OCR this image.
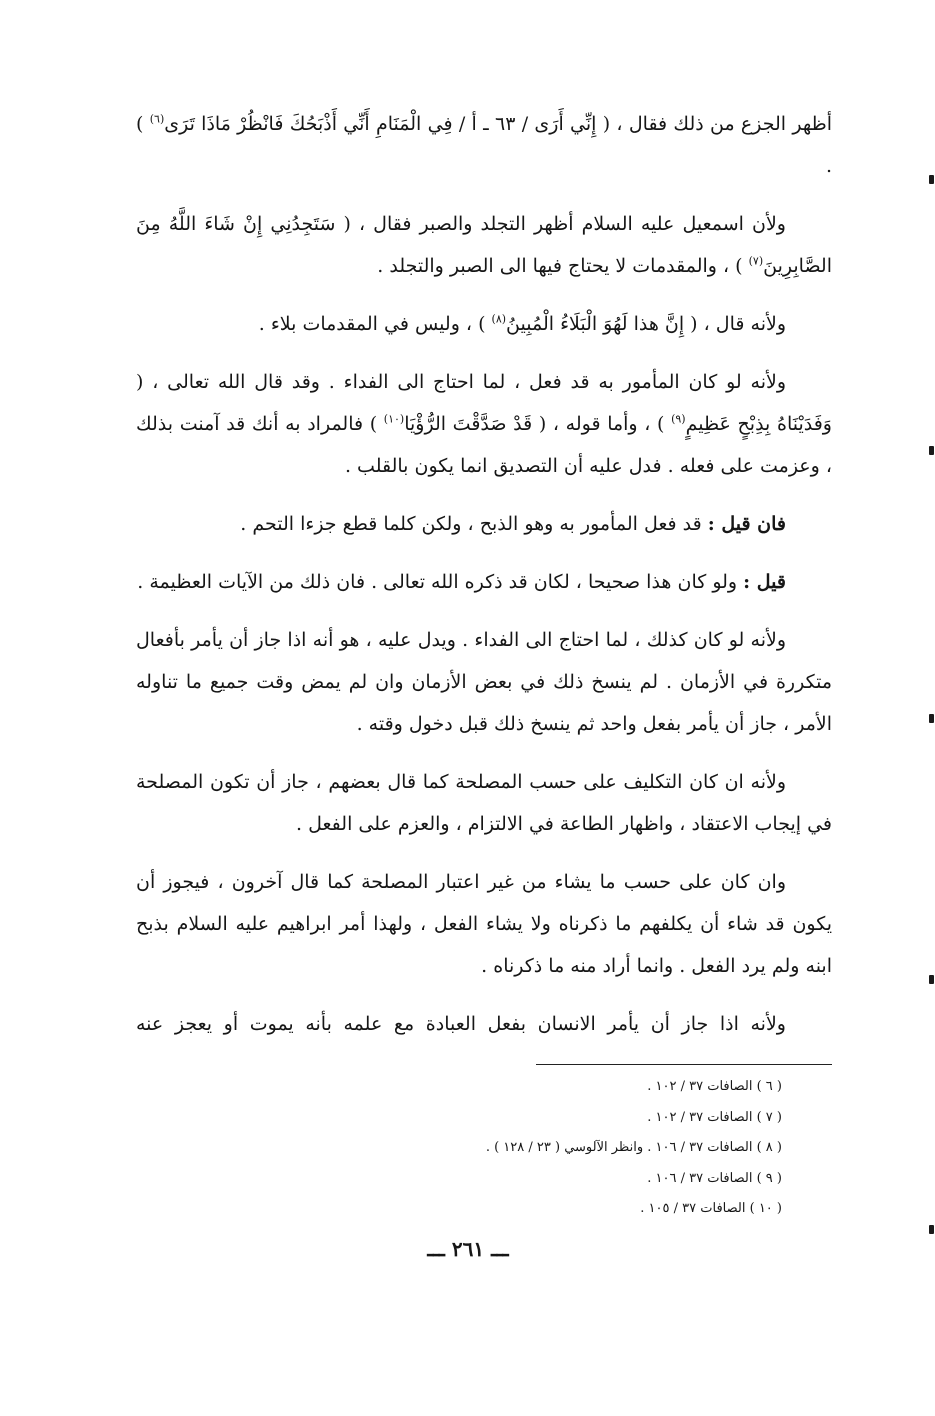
أظهر الجزع من ذلك فقال ، ( إِنِّي أَرَى / ٦٣ ـ أ / فِي الْمَنَامِ أَنِّي أَذْبَحُكَ فَانْظُرْ مَاذَا تَرَى$^{(٦)}$ ) .

ولأن اسمعيل عليه السلام أظهر التجلد والصبر فقال ، ( سَتَجِدُنِي إِنْ شَاءَ اللَّهُ مِنَ الصَّابِرِينَ$^{(٧)}$ ) ، والمقدمات لا يحتاج فيها الى الصبر والتجلد .

ولأنه قال ، ( إِنَّ هذا لَهُوَ الْبَلَاءُ الْمُبِينُ$^{(٨)}$ ) ، وليس في المقدمات بلاء .

ولأنه لو كان المأمور به قد فعل ، لما احتاج الى الفداء . وقد قال الله تعالى ، ( وَفَدَيْنَاهُ بِذِبْحٍ عَظِيمٍ$^{(٩)}$ ) ، وأما قوله ، ( قَدْ صَدَّقْتَ الرُّؤْيَا$^{(١٠)}$ ) فالمراد به أنك قد آمنت بذلك ، وعزمت على فعله . فدل عليه أن التصديق انما يكون بالقلب .

فان قيل : قد فعل المأمور به وهو الذبح ، ولكن كلما قطع جزءا التحم .

قيل : ولو كان هذا صحيحا ، لكان قد ذكره الله تعالى . فان ذلك من الآيات العظيمة .

ولأنه لو كان كذلك ، لما احتاج الى الفداء . ويدل عليه ، هو أنه اذا جاز أن يأمر بأفعال متكررة في الأزمان . لم ينسخ ذلك في بعض الأزمان وان لم يمض وقت جميع ما تناوله الأمر ، جاز أن يأمر بفعل واحد ثم ينسخ ذلك قبل دخول وقته .

ولأنه ان كان التكليف على حسب المصلحة كما قال بعضهم ، جاز أن تكون المصلحة في إيجاب الاعتقاد ، واظهار الطاعة في الالتزام ، والعزم على الفعل .

وان كان على حسب ما يشاء من غير اعتبار المصلحة كما قال آخرون ، فيجوز أن يكون قد شاء أن يكلفهم ما ذكرناه ولا يشاء الفعل ، ولهذا أمر ابراهيم عليه السلام بذبح ابنه ولم يرد الفعل . وانما أراد منه ما ذكرناه .

ولأنه اذا جاز أن يأمر الانسان بفعل العبادة مع علمه بأنه يموت أو يعجز عنه

( ٦ ) الصافات ٣٧ / ١٠٢ .
( ٧ ) الصافات ٣٧ / ١٠٢ .
( ٨ ) الصافات ٣٧ / ١٠٦ . وانظر الآلوسي ( ٢٣ / ١٢٨ ) .
( ٩ ) الصافات ٣٧ / ١٠٦ .
( ١٠ ) الصافات ٣٧ / ١٠٥ .
ـــ ٢٦١ ـــ
